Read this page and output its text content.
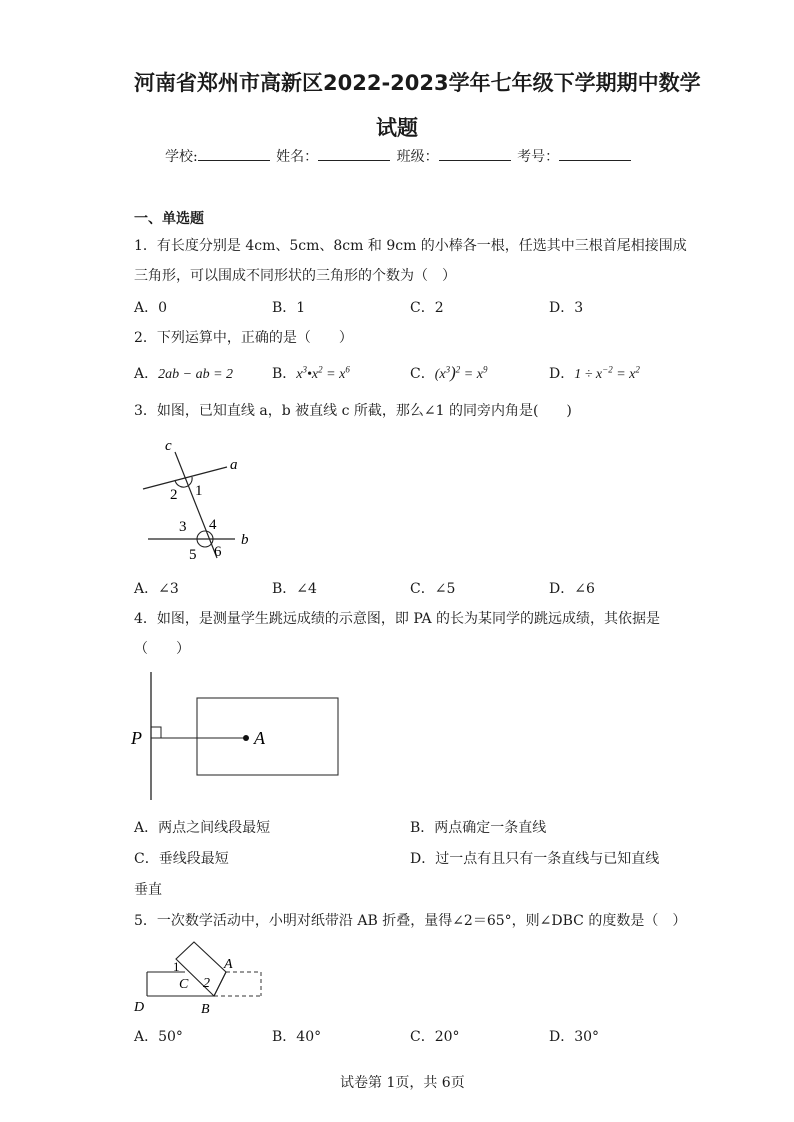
河南省郑州市高新区2022-2023学年七年级下学期期中数学
试题
学校:	姓名：	班级：	考号：
一、单选题
1．有长度分别是 4cm、5cm、8cm 和 9cm 的小棒各一根，任选其中三根首尾相接围成
三角形，可以围成不同形状的三角形的个数为（　）
A．0	B．1	C．2	D．3
2．下列运算中，正确的是（　　）
A．2ab − ab = 2	B．$x^3•x^2 = x^6$	C．$(x^3)^2 = x^9$	D．$1 \div x^{-2} = x^2$
3．如图，已知直线 a，b 被直线 c 所截，那么∠1 的同旁内角是(　　)
c
a
b
2 1
3 4
5 6
A．∠3	B．∠4	C．∠5	D．∠6
4．如图，是测量学生跳远成绩的示意图，即 PA 的长为某同学的跳远成绩，其依据是
（　　）
P	A
A．两点之间线段最短	B．两点确定一条直线
C．垂线段最短	D．过一点有且只有一条直线与已知直线
垂直
5．一次数学活动中，小明对纸带沿 AB 折叠，量得∠2＝65°，则∠DBC 的度数是（　）
1
C 2
A
D	B
A．50°	B．40°	C．20°	D．30°
试卷第 1页，共 6页
